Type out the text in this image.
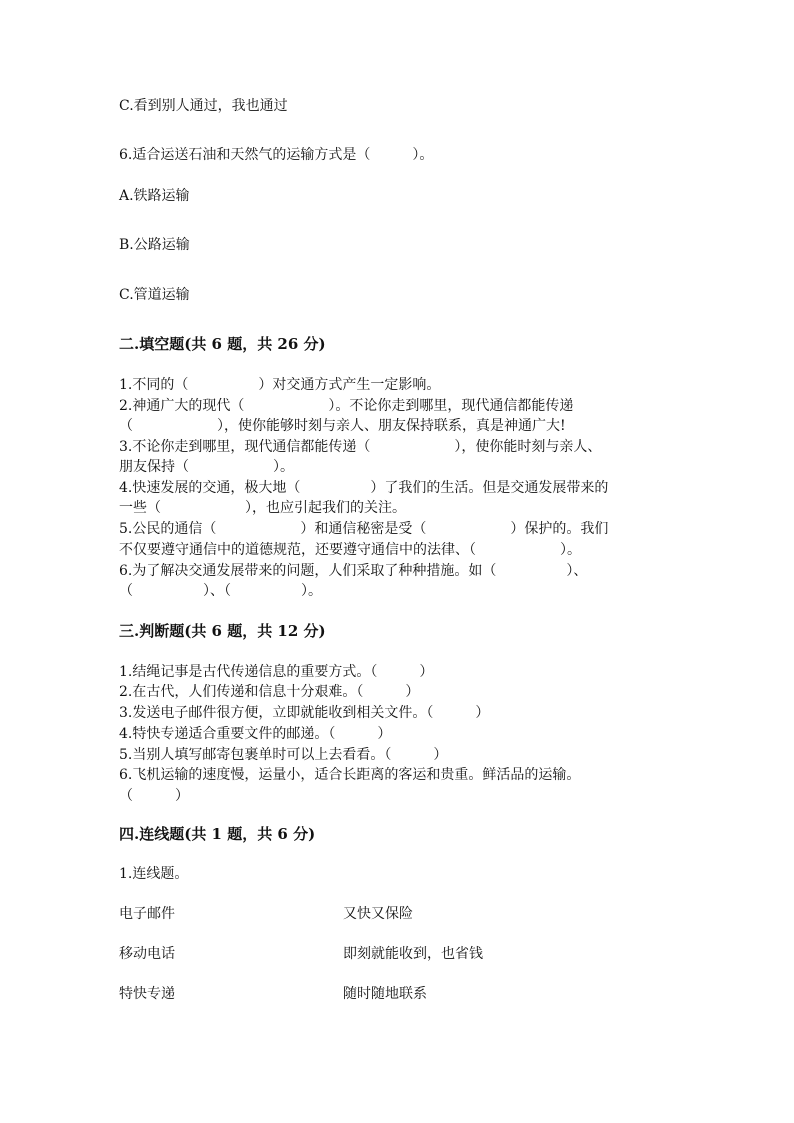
C.看到别人通过，我也通过
6.适合运送石油和天然气的运输方式是（　　　）。
A.铁路运输
B.公路运输
C.管道运输
二.填空题(共 6 题，共 26 分)
1.不同的（　　　　　）对交通方式产生一定影响。
2.神通广大的现代（　　　　　　）。不论你走到哪里，现代通信都能传递
（　　　　　　），使你能够时刻与亲人、朋友保持联系，真是神通广大!
3.不论你走到哪里，现代通信都能传递（　　　　　　），使你能时刻与亲人、
朋友保持（　　　　　　）。
4.快速发展的交通，极大地（　　　　　）了我们的生活。但是交通发展带来的
一些（　　　　　　），也应引起我们的关注。
5.公民的通信（　　　　　　）和通信秘密是受（　　　　　　）保护的。我们
不仅要遵守通信中的道德规范，还要遵守通信中的法律、（　　　　　　）。
6.为了解决交通发展带来的问题，人们采取了种种措施。如（　　　　　）、
（　　　　　）、（　　　　　）。
三.判断题(共 6 题，共 12 分)
1.结绳记事是古代传递信息的重要方式。（　　　）
2.在古代，人们传递和信息十分艰难。（　　　）
3.发送电子邮件很方便，立即就能收到相关文件。（　　　）
4.特快专递适合重要文件的邮递。（　　　）
5.当别人填写邮寄包裹单时可以上去看看。（　　　）
6.飞机运输的速度慢，运量小，适合长距离的客运和贵重。鲜活品的运输。
（　　　）
四.连线题(共 1 题，共 6 分)
1.连线题。
电子邮件	又快又保险
移动电话	即刻就能收到，也省钱
特快专递	随时随地联系
